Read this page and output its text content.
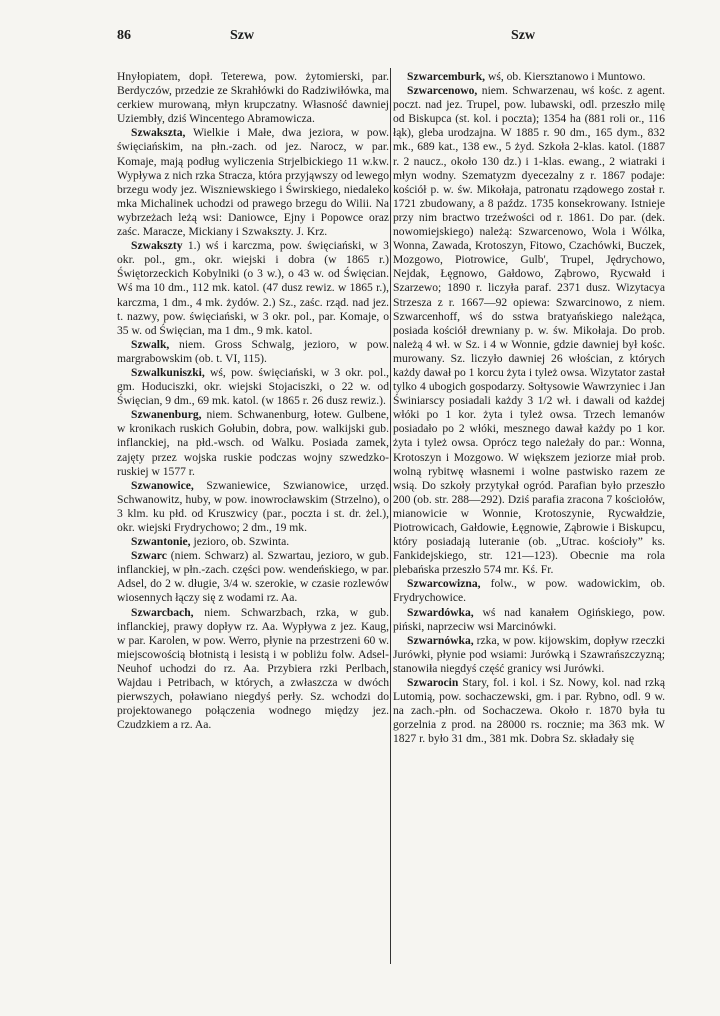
86	Szw	Szw

Hnyłopiatem, dopł. Teterewa, pow. żytomierski, par. Berdyczów, przedzie ze Skrahłówki do Radziwiłówka, ma cerkiew murowaną, młyn krupczatny. Własność dawniej Uziembły, dziś Wincentego Abramowicza.

Szwaksztа, Wielkie i Małe, dwa jeziora, w pow. święciańskim, na płn.-zach. od jez. Narocz, w par. Komaje, mają podług wyliczenia Strjelbickiego 11 w.kw. Wypływa z nich rzka Stracza, która przyjąwszy od lewego brzegu wody jez. Wiszniewskiego i Świrskiego, niedaleko mka Michalinek uchodzi od prawego brzegu do Wilii. Na wybrzeżach leżą wsi: Daniowce, Ejny i Popowce oraz zaśc. Maracze, Mickiany i Szwakszty. J. Krz.

Szwakszty 1.) wś i karczma, pow. święciański, w 3 okr. pol., gm., okr. wiejski i dobra (w 1865 r.) Świętorzeckich Kobylniki (o 3 w.), o 43 w. od Święcian. Wś ma 10 dm., 112 mk. katol. (47 dusz rewiz. w 1865 r.), karczma, 1 dm., 4 mk. żydów. 2.) Sz., zaśc. rząd. nad jez. t. nazwy, pow. święciański, w 3 okr. pol., par. Komaje, o 35 w. od Święcian, ma 1 dm., 9 mk. katol.

Szwalk, niem. Gross Schwalg, jezioro, w pow. margrabowskim (ob. t. VI, 115).

Szwalkuniszki, wś, pow. święciański, w 3 okr. pol., gm. Hoduciszki, okr. wiejski Stojaciszki, o 22 w. od Święcian, 9 dm., 69 mk. katol. (w 1865 r. 26 dusz rewiz.).

Szwanenburg, niem. Schwanenburg, łotew. Gulbene, w kronikach ruskich Gołubin, dobra, pow. walkijski gub. inflanckiej, na płd.-wsch. od Walku. Posiada zamek, zajęty przez wojska ruskie podczas wojny szwedzko-ruskiej w 1577 r.

Szwanowice, Szwaniewice, Szwianowice, urzęd. Schwanowitz, huby, w pow. inowrocławskim (Strzelno), o 3 klm. ku płd. od Kruszwicy (par., poczta i st. dr. żel.), okr. wiejski Frydrychowo; 2 dm., 19 mk.

Szwantonie, jezioro, ob. Szwinta.

Szwarc (niem. Schwarz) al. Szwartau, jezioro, w gub. inflanckiej, w płn.-zach. części pow. wendeńskiego, w par. Adsel, do 2 w. długie, 3/4 w. szerokie, w czasie rozlewów wiosennych łączy się z wodami rz. Aa.

Szwarcbach, niem. Schwarzbach, rzka, w gub. inflanckiej, prawy dopływ rz. Aa. Wypływa z jez. Kaug, w par. Karolen, w pow. Werro, płynie na przestrzeni 60 w. miejscowością błotnistą i lesistą i w pobliżu folw. Adsel-Neuhof uchodzi do rz. Aa. Przybiera rzki Perlbach, Wajdau i Petribach, w których, a zwłaszcza w dwóch pierwszych, poławiano niegdyś perły. Sz. wchodzi do projektowanego połączenia wodnego między jez. Czudzkiem a rz. Aa.

Szwarcemburk, wś, ob. Kiersztanowo i Muntowo.

Szwarcenowo, niem. Schwarzenau, wś kośc. z agent. poczt. nad jez. Trupel, pow. lubawski, odl. przeszło milę od Biskupca (st. kol. i poczta); 1354 ha (881 roli or., 116 łąk), gleba urodzajna. W 1885 r. 90 dm., 165 dym., 832 mk., 689 kat., 138 ew., 5 żyd. Szkoła 2-klas. katol. (1887 r. 2 naucz., około 130 dz.) i 1-klas. ewang., 2 wiatraki i młyn wodny. Szematyzm dyecezalny z r. 1867 podaje: kościół p. w. św. Mikołaja, patronatu rządowego został r. 1721 zbudowany, a 8 paźdz. 1735 konsekrowany. Istnieje przy nim bractwo trzeźwości od r. 1861. Do par. (dek. nowomiejskiego) należą: Szwarcenowo, Wola i Wólka, Wonna, Zawada, Krotoszyn, Fitowo, Czachówki, Buczek, Mozgowo, Piotrowice, Gulb', Trupel, Jędrychowo, Nejdak, Łęgnowo, Gałdowo, Ząbrowo, Rycwałd i Szarzewo; 1890 r. liczyła paraf. 2371 dusz. Wizytacya Strzesza z r. 1667—92 opiewa: Szwarcinowo, z niem. Szwarcenhoff, wś do sstwa bratyańskiego należąca, posiada kościół drewniany p. w. św. Mikołaja. Do prob. należą 4 wł. w Sz. i 4 w Wonnie, gdzie dawniej był kośc. murowany. Sz. liczyło dawniej 26 włościan, z których każdy dawał po 1 korcu żyta i tyleż owsa. Wizytator zastał tylko 4 ubogich gospodarzy. Sołtysowie Wawrzyniec i Jan Świniarscy posiadali każdy 3 1/2 wł. i dawali od każdej włóki po 1 kor. żyta i tyleż owsa. Trzech lemanów posiadało po 2 włóki, mesznego dawał każdy po 1 kor. żyta i tyleż owsa. Oprócz tego należały do par.: Wonna, Krotoszyn i Mozgowo. W większem jeziorze miał prob. wolną rybitwę własnemi i wolne pastwisko razem ze wsią. Do szkoły przytykał ogród. Parafian było przeszło 200 (ob. str. 288—292). Dziś parafia zracona 7 kościołów, mianowicie w Wonnie, Krotoszynie, Rycwałdzie, Piotrowicach, Gałdowie, Łęgnowie, Ząbrowie i Biskupcu, który posiadają luteranie (ob. „Utrac. kościoły” ks. Fankidejskiego, str. 121—123). Obecnie ma rola plebańska przeszło 574 mr. Kś. Fr.

Szwarcowizna, folw., w pow. wadowickim, ob. Frydrychowice.

Szwardówka, wś nad kanałem Ogińskiego, pow. piński, naprzeciw wsi Marcinówki.

Szwarnówka, rzka, w pow. kijowskim, dopływ rzeczki Jurówki, płynie pod wsiami: Jurówką i Szawrańszczyzną; stanowiła niegdyś część granicy wsi Jurówki.

Szwarocin Stary, fol. i kol. i Sz. Nowy, kol. nad rzką Lutomią, pow. sochaczewski, gm. i par. Rybno, odl. 9 w. na zach.-płn. od Sochaczewa. Około r. 1870 była tu gorzelnia z prod. na 28000 rs. rocznie; ma 363 mk. W 1827 r. było 31 dm., 381 mk. Dobra Sz. składały się
